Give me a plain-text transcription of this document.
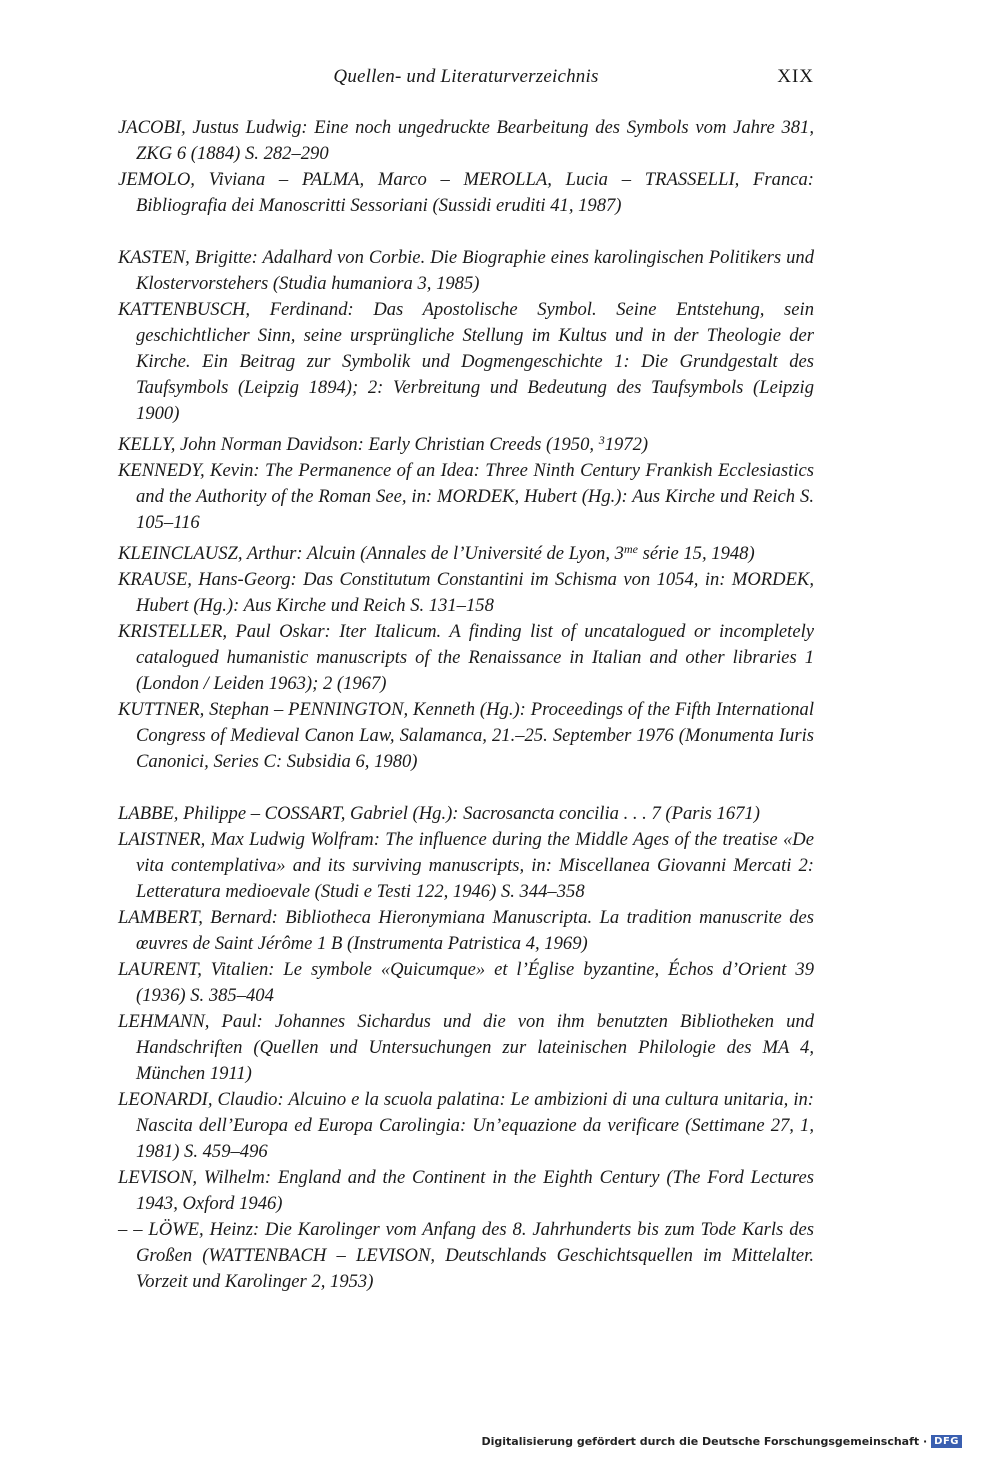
Quellen- und Literaturverzeichnis	XIX

JACOBI, Justus Ludwig: Eine noch ungedruckte Bearbeitung des Symbols vom Jahre 381, ZKG 6 (1884) S. 282–290

JEMOLO, Viviana – PALMA, Marco – MEROLLA, Lucia – TRASSELLI, Franca: Bibliografia dei Manoscritti Sessoriani (Sussidi eruditi 41, 1987)

KASTEN, Brigitte: Adalhard von Corbie. Die Biographie eines karolingischen Politikers und Klostervorstehers (Studia humaniora 3, 1985)

KATTENBUSCH, Ferdinand: Das Apostolische Symbol. Seine Entstehung, sein geschichtlicher Sinn, seine ursprüngliche Stellung im Kultus und in der Theologie der Kirche. Ein Beitrag zur Symbolik und Dogmengeschichte 1: Die Grundgestalt des Taufsymbols (Leipzig 1894); 2: Verbreitung und Bedeutung des Taufsymbols (Leipzig 1900)

KELLY, John Norman Davidson: Early Christian Creeds (1950, $^3$1972)

KENNEDY, Kevin: The Permanence of an Idea: Three Ninth Century Frankish Ecclesiastics and the Authority of the Roman See, in: MORDEK, Hubert (Hg.): Aus Kirche und Reich S. 105–116

KLEINCLAUSZ, Arthur: Alcuin (Annales de l’Université de Lyon, $3^{me}$ série 15, 1948)

KRAUSE, Hans-Georg: Das Constitutum Constantini im Schisma von 1054, in: MORDEK, Hubert (Hg.): Aus Kirche und Reich S. 131–158

KRISTELLER, Paul Oskar: Iter Italicum. A finding list of uncatalogued or incompletely catalogued humanistic manuscripts of the Renaissance in Italian and other libraries 1 (London / Leiden 1963); 2 (1967)

KUTTNER, Stephan – PENNINGTON, Kenneth (Hg.): Proceedings of the Fifth International Congress of Medieval Canon Law, Salamanca, 21.–25. September 1976 (Monumenta Iuris Canonici, Series C: Subsidia 6, 1980)

LABBE, Philippe – COSSART, Gabriel (Hg.): Sacrosancta concilia . . . 7 (Paris 1671)

LAISTNER, Max Ludwig Wolfram: The influence during the Middle Ages of the treatise «De vita contemplativa» and its surviving manuscripts, in: Miscellanea Giovanni Mercati 2: Letteratura medioevale (Studi e Testi 122, 1946) S. 344–358

LAMBERT, Bernard: Bibliotheca Hieronymiana Manuscripta. La tradition manuscrite des œuvres de Saint Jérôme 1 B (Instrumenta Patristica 4, 1969)

LAURENT, Vitalien: Le symbole «Quicumque» et l’Église byzantine, Échos d’Orient 39 (1936) S. 385–404

LEHMANN, Paul: Johannes Sichardus und die von ihm benutzten Bibliotheken und Handschriften (Quellen und Untersuchungen zur lateinischen Philologie des MA 4, München 1911)

LEONARDI, Claudio: Alcuino e la scuola palatina: Le ambizioni di una cultura unitaria, in: Nascita dell’Europa ed Europa Carolingia: Un’equazione da verificare (Settimane 27, 1, 1981) S. 459–496

LEVISON, Wilhelm: England and the Continent in the Eighth Century (The Ford Lectures 1943, Oxford 1946)

– – LÖWE, Heinz: Die Karolinger vom Anfang des 8. Jahrhunderts bis zum Tode Karls des Großen (WATTENBACH – LEVISON, Deutschlands Geschichtsquellen im Mittelalter. Vorzeit und Karolinger 2, 1953)

Digitalisierung gefördert durch die Deutsche Forschungsgemeinschaft · DFG
